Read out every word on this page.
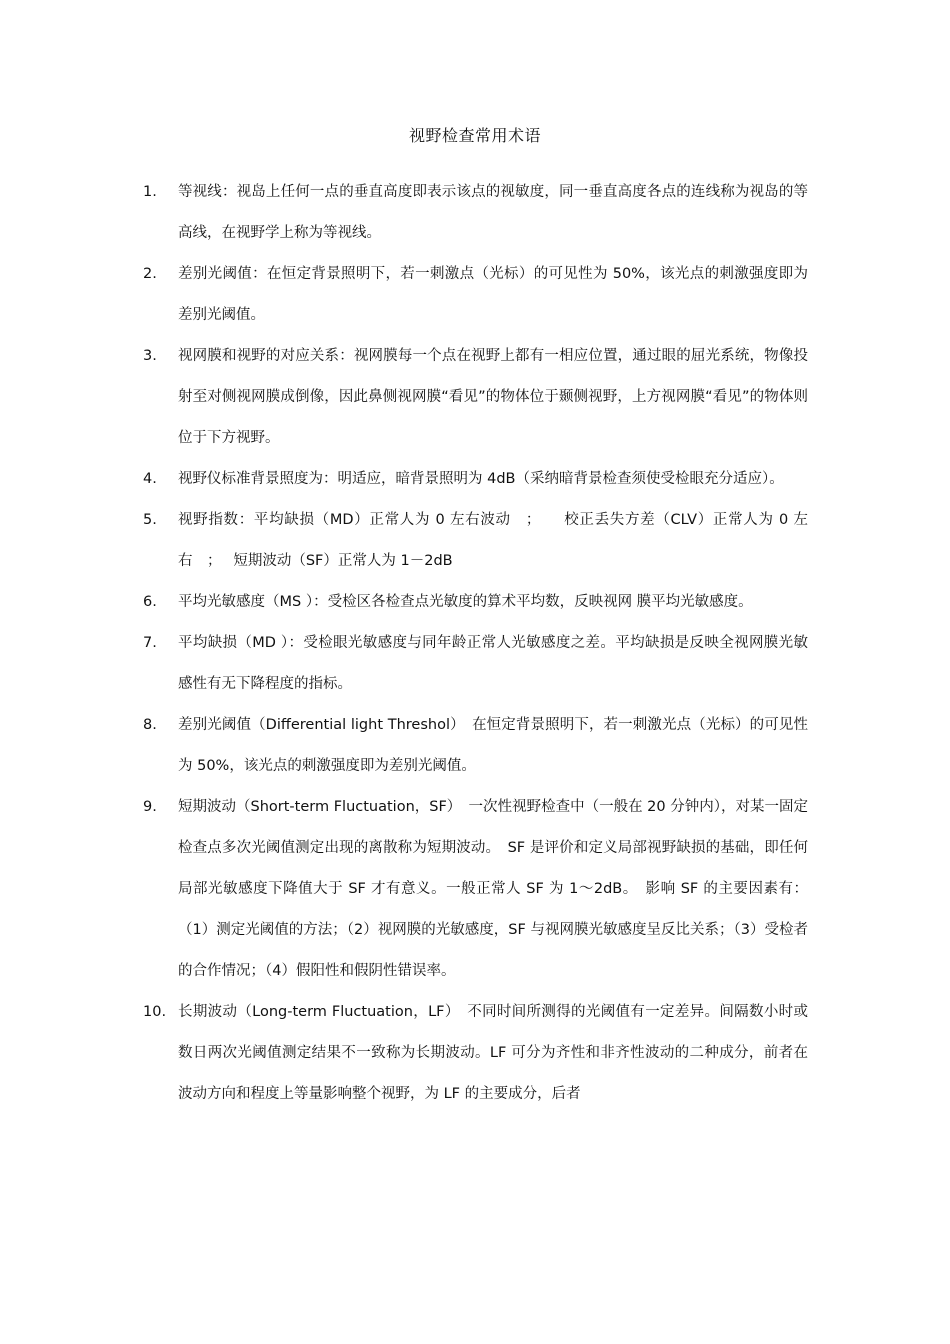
视野检查常用术语
1.	等视线：视岛上任何一点的垂直高度即表示该点的视敏度，同一垂直高度各点的连线称为视岛的等高线，在视野学上称为等视线。
2.	差别光阈值：在恒定背景照明下，若一刺激点（光标）的可见性为 50%，该光点的刺激强度即为差别光阈值。
3.	视网膜和视野的对应关系：视网膜每一个点在视野上都有一相应位置，通过眼的屈光系统，物像投射至对侧视网膜成倒像，因此鼻侧视网膜“看见”的物体位于颞侧视野，上方视网膜“看见”的物体则位于下方视野。
4.	视野仪标准背景照度为：明适应，暗背景照明为 4dB（采纳暗背景检查须使受检眼充分适应）。
5.	视野指数：平均缺损（MD）正常人为 0 左右波动　；　　校正丢失方差（CLV）正常人为 0 左右　；　 短期波动（SF）正常人为 1－2dB
6.	平均光敏感度（MS ）：受检区各检查点光敏度的算术平均数，反映视网 膜平均光敏感度。
7.	平均缺损（MD ）：受检眼光敏感度与同年龄正常人光敏感度之差。平均缺损是反映全视网膜光敏感性有无下降程度的指标。
8.	差别光阈值（Differential light Threshol）　在恒定背景照明下，若一刺激光点（光标）的可见性为 50%，该光点的刺激强度即为差别光阈值。
9.	短期波动（Short-term Fluctuation，SF）　一次性视野检查中（一般在 20 分钟内），对某一固定检查点多次光阈值测定出现的离散称为短期波动。　SF 是评价和定义局部视野缺损的基础，即任何局部光敏感度下降值大于 SF 才有意义。一般正常人 SF 为 1～2dB。　影响 SF 的主要因素有：（1）测定光阈值的方法；（2）视网膜的光敏感度，SF 与视网膜光敏感度呈反比关系；（3）受检者的合作情况；（4）假阳性和假阴性错误率。
10. 长期波动（Long-term Fluctuation，LF）　不同时间所测得的光阈值有一定差异。间隔数小时或数日两次光阈值测定结果不一致称为长期波动。LF 可分为齐性和非齐性波动的二种成分，前者在波动方向和程度上等量影响整个视野，为 LF 的主要成分，后者
